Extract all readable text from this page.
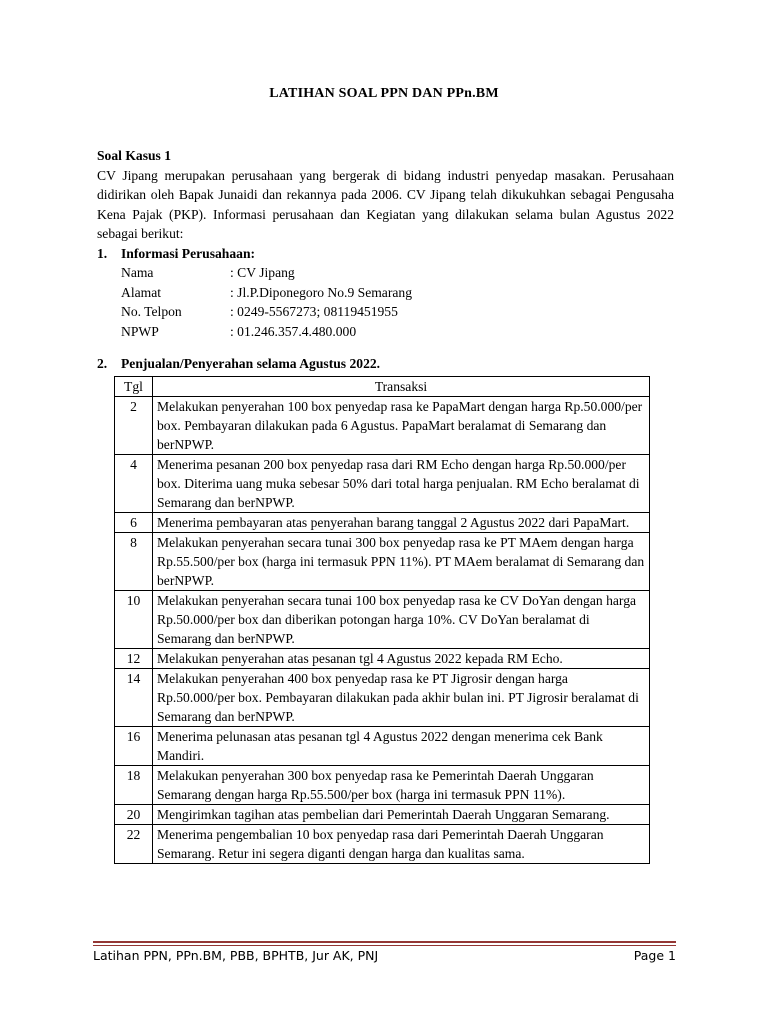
LATIHAN SOAL PPN DAN PPn.BM
Soal Kasus 1
CV Jipang merupakan perusahaan yang bergerak di bidang industri penyedap masakan. Perusahaan didirikan oleh Bapak Junaidi dan rekannya pada 2006. CV Jipang telah dikukuhkan sebagai Pengusaha Kena Pajak (PKP). Informasi perusahaan dan Kegiatan yang dilakukan selama bulan Agustus 2022 sebagai berikut:
1. Informasi Perusahaan:
Nama	: CV Jipang
Alamat	: Jl.P.Diponegoro No.9 Semarang
No. Telpon	: 0249-5567273; 08119451955
NPWP	: 01.246.357.4.480.000
2. Penjualan/Penyerahan selama Agustus 2022.
Tgl	Transaksi
2	Melakukan penyerahan 100 box penyedap rasa ke PapaMart dengan harga Rp.50.000/per box. Pembayaran dilakukan pada 6 Agustus. PapaMart beralamat di Semarang dan berNPWP.
4	Menerima pesanan 200 box penyedap rasa dari RM Echo dengan harga Rp.50.000/per box. Diterima uang muka sebesar 50% dari total harga penjualan. RM Echo beralamat di Semarang dan berNPWP.
6	Menerima pembayaran atas penyerahan barang tanggal 2 Agustus 2022 dari PapaMart.
8	Melakukan penyerahan secara tunai 300 box penyedap rasa ke PT MAem dengan harga Rp.55.500/per box (harga ini termasuk PPN 11%). PT MAem beralamat di Semarang dan berNPWP.
10	Melakukan penyerahan secara tunai 100 box penyedap rasa ke CV DoYan dengan harga Rp.50.000/per box dan diberikan potongan harga 10%. CV DoYan beralamat di Semarang dan berNPWP.
12	Melakukan penyerahan atas pesanan tgl 4 Agustus 2022 kepada RM Echo.
14	Melakukan penyerahan 400 box penyedap rasa ke PT Jigrosir dengan harga Rp.50.000/per box. Pembayaran dilakukan pada akhir bulan ini. PT Jigrosir beralamat di Semarang dan berNPWP.
16	Menerima pelunasan atas pesanan tgl 4 Agustus 2022 dengan menerima cek Bank Mandiri.
18	Melakukan penyerahan 300 box penyedap rasa ke Pemerintah Daerah Unggaran Semarang dengan harga Rp.55.500/per box (harga ini termasuk PPN 11%).
20	Mengirimkan tagihan atas pembelian dari Pemerintah Daerah Unggaran Semarang.
22	Menerima pengembalian 10 box penyedap rasa dari Pemerintah Daerah Unggaran Semarang. Retur ini segera diganti dengan harga dan kualitas sama.
Latihan PPN, PPn.BM, PBB, BPHTB, Jur AK, PNJ	Page 1
